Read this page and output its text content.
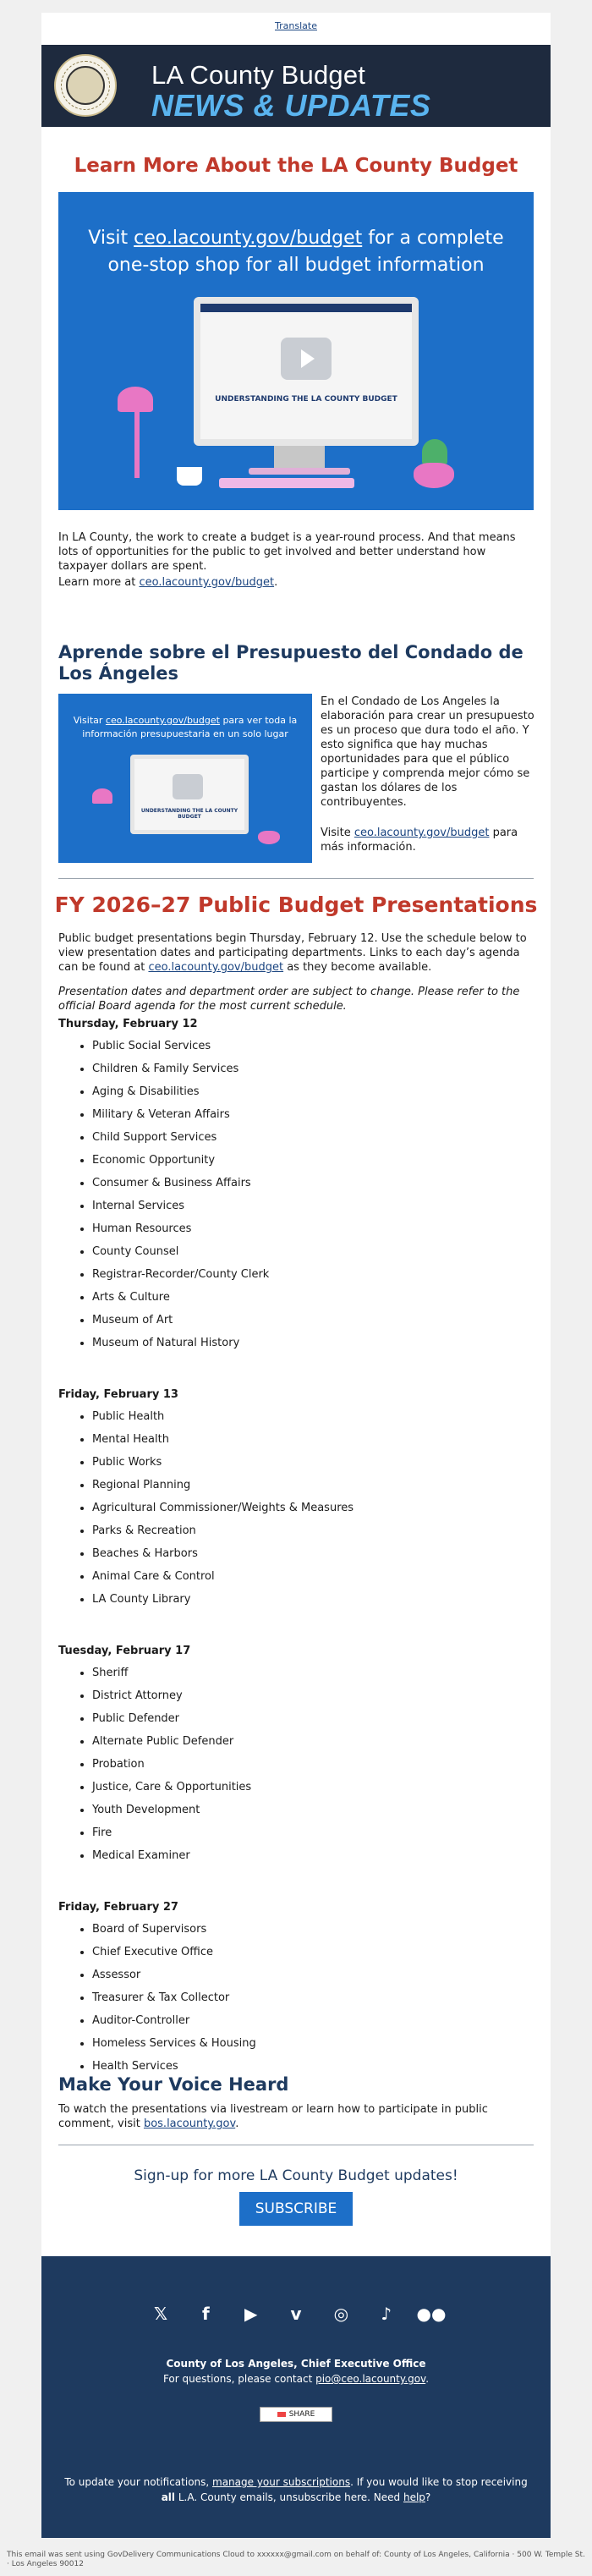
Translate
LA County Budget
NEWS & UPDATES
Learn More About the LA County Budget
Visit ceo.lacounty.gov/budget for a complete
one-stop shop for all budget information
UNDERSTANDING THE LA COUNTY BUDGET

In LA County, the work to create a budget is a year-round process. And that means lots of opportunities for the public to get involved and better understand how taxpayer dollars are spent.

Learn more at ceo.lacounty.gov/budget.

Aprende sobre el Presupuesto del Condado de Los Ángeles
Visitar ceo.lacounty.gov/budget para ver toda la
información presupuestaria en un solo lugar
UNDERSTANDING THE LA COUNTY BUDGET

En el Condado de Los Angeles la elaboración para crear un presupuesto es un proceso que dura todo el año. Y esto significa que hay muchas oportunidades para que el público participe y comprenda mejor cómo se gastan los dólares de los contribuyentes.

Visite ceo.lacounty.gov/budget para más información.

FY 2026–27 Public Budget Presentations

Public budget presentations begin Thursday, February 12. Use the schedule below to view presentation dates and participating departments. Links to each day’s agenda can be found at ceo.lacounty.gov/budget as they become available.

Presentation dates and department order are subject to change. Please refer to the official Board agenda for the most current schedule.

Thursday, February 12

• Public Social Services
• Children & Family Services
• Aging & Disabilities
• Military & Veteran Affairs
• Child Support Services
• Economic Opportunity
• Consumer & Business Affairs
• Internal Services
• Human Resources
• County Counsel
• Registrar-Recorder/County Clerk
• Arts & Culture
• Museum of Art
• Museum of Natural History

Friday, February 13

• Public Health
• Mental Health
• Public Works
• Regional Planning
• Agricultural Commissioner/Weights & Measures
• Parks & Recreation
• Beaches & Harbors
• Animal Care & Control
• LA County Library

Tuesday, February 17

• Sheriff
• District Attorney
• Public Defender
• Alternate Public Defender
• Probation
• Justice, Care & Opportunities
• Youth Development
• Fire
• Medical Examiner

Friday, February 27

• Board of Supervisors
• Chief Executive Office
• Assessor
• Treasurer & Tax Collector
• Auditor-Controller
• Homeless Services & Housing
• Health Services
Make Your Voice Heard

To watch the presentations via livestream or learn how to participate in public comment, visit bos.lacounty.gov.

Sign-up for more LA County Budget updates!
SUBSCRIBE
𝕏	f	▶	v	◎	♪	●●
County of Los Angeles, Chief Executive Office
For questions, please contact pio@ceo.lacounty.gov.
SHARE
To update your notifications, manage your subscriptions. If you would like to stop receiving all L.A. County emails, unsubscribe here. Need help?
This email was sent using GovDelivery Communications Cloud to xxxxxx@gmail.com on behalf of: County of Los Angeles, California · 500 W. Temple St. · Los Angeles 90012
